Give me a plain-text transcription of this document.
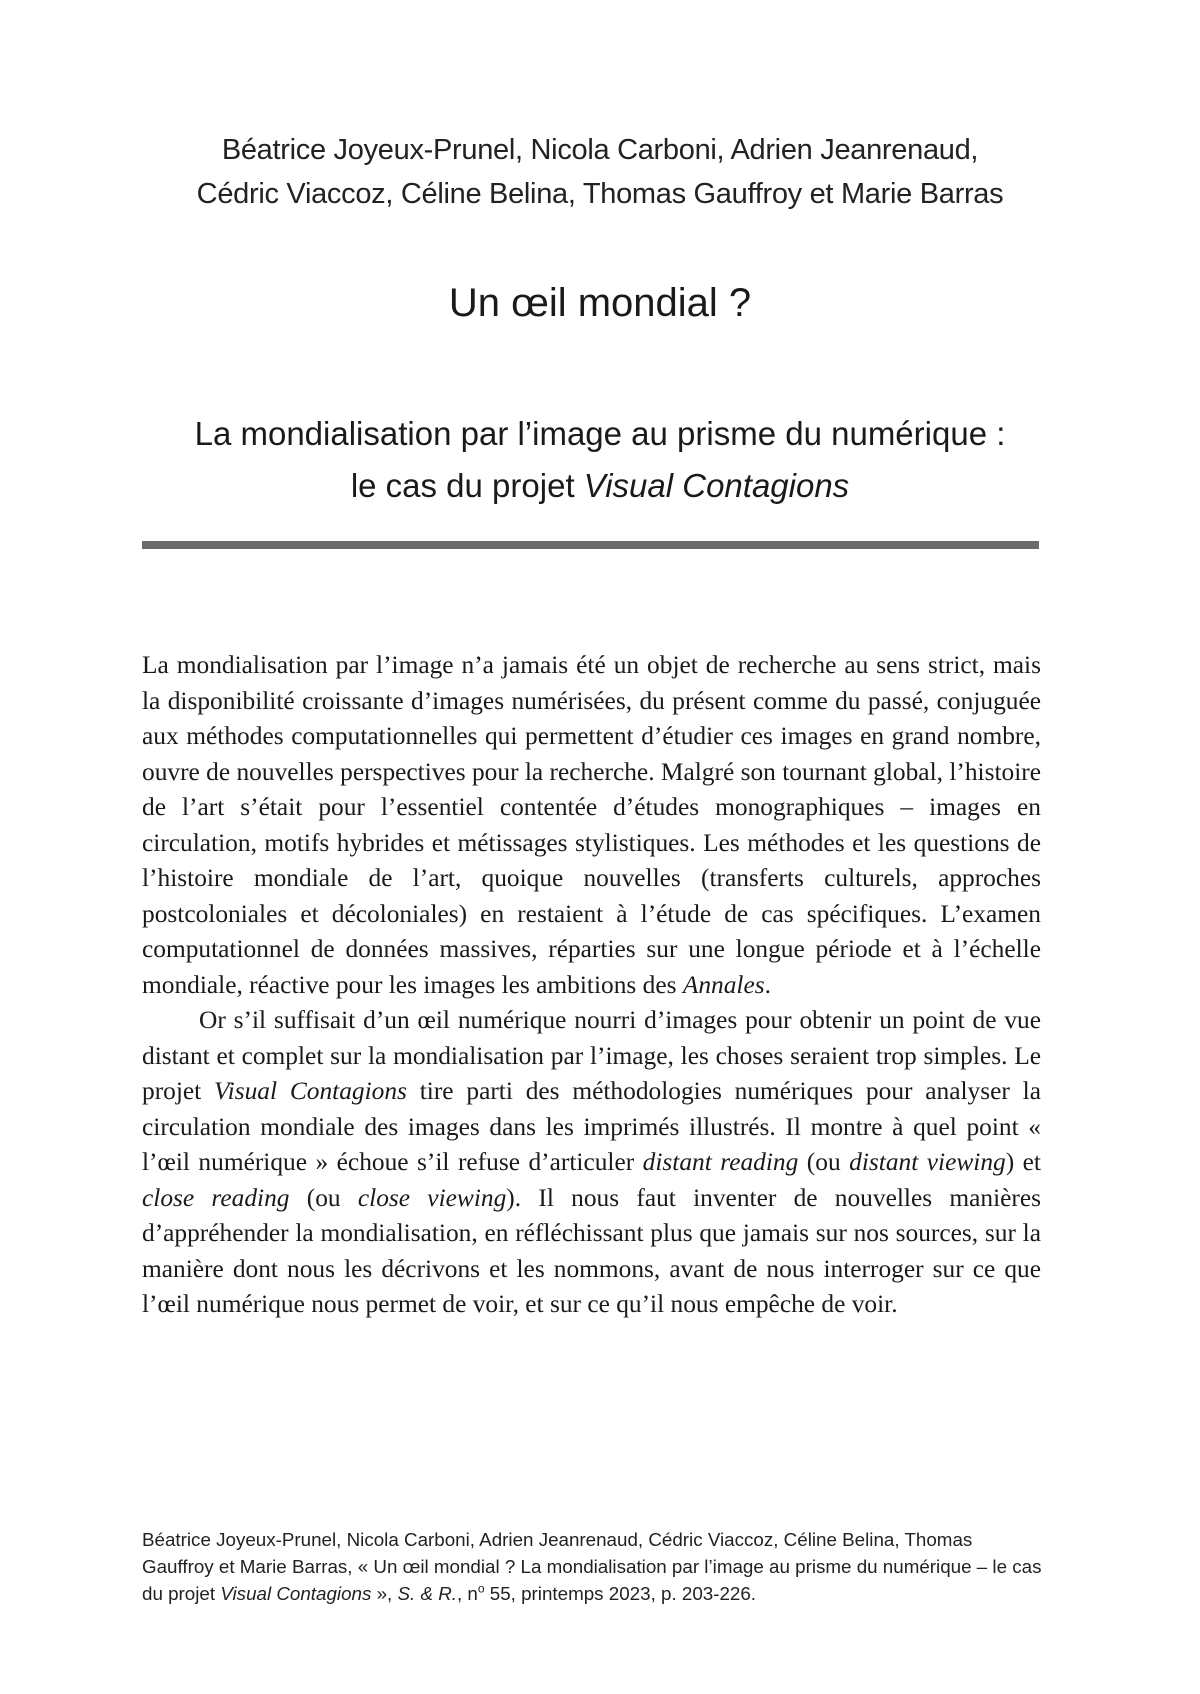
Béatrice Joyeux-Prunel, Nicola Carboni, Adrien Jeanrenaud,
Cédric Viaccoz, Céline Belina, Thomas Gauffroy et Marie Barras
Un œil mondial ?
La mondialisation par l’image au prisme du numérique :
le cas du projet Visual Contagions

La mondialisation par l’image n’a jamais été un objet de recherche au sens strict, mais la disponibilité croissante d’images numérisées, du présent comme du passé, conjuguée aux méthodes computationnelles qui permettent d’étudier ces images en grand nombre, ouvre de nouvelles perspectives pour la recherche. Malgré son tournant global, l’histoire de l’art s’était pour l’essentiel contentée d’études monographiques – images en circulation, motifs hybrides et métissages stylistiques. Les méthodes et les questions de l’histoire mondiale de l’art, quoique nouvelles (transferts culturels, approches postcoloniales et décoloniales) en restaient à l’étude de cas spécifiques. L’examen computationnel de données massives, réparties sur une longue période et à l’échelle mondiale, réactive pour les images les ambitions des Annales.

Or s’il suffisait d’un œil numérique nourri d’images pour obtenir un point de vue distant et complet sur la mondialisation par l’image, les choses seraient trop simples. Le projet Visual Contagions tire parti des méthodologies numériques pour analyser la circulation mondiale des images dans les imprimés illustrés. Il montre à quel point « l’œil numérique » échoue s’il refuse d’articuler distant reading (ou distant viewing) et close reading (ou close viewing). Il nous faut inventer de nouvelles manières d’appréhender la mondialisation, en réfléchissant plus que jamais sur nos sources, sur la manière dont nous les décrivons et les nommons, avant de nous interroger sur ce que l’œil numérique nous permet de voir, et sur ce qu’il nous empêche de voir.

Béatrice Joyeux-Prunel, Nicola Carboni, Adrien Jeanrenaud, Cédric Viaccoz, Céline Belina, Thomas Gauffroy et Marie Barras, « Un œil mondial ? La mondialisation par l’image au prisme du numérique – le cas du projet Visual Contagions », S. & R., $n^o$ 55, printemps 2023, p. 203-226.
